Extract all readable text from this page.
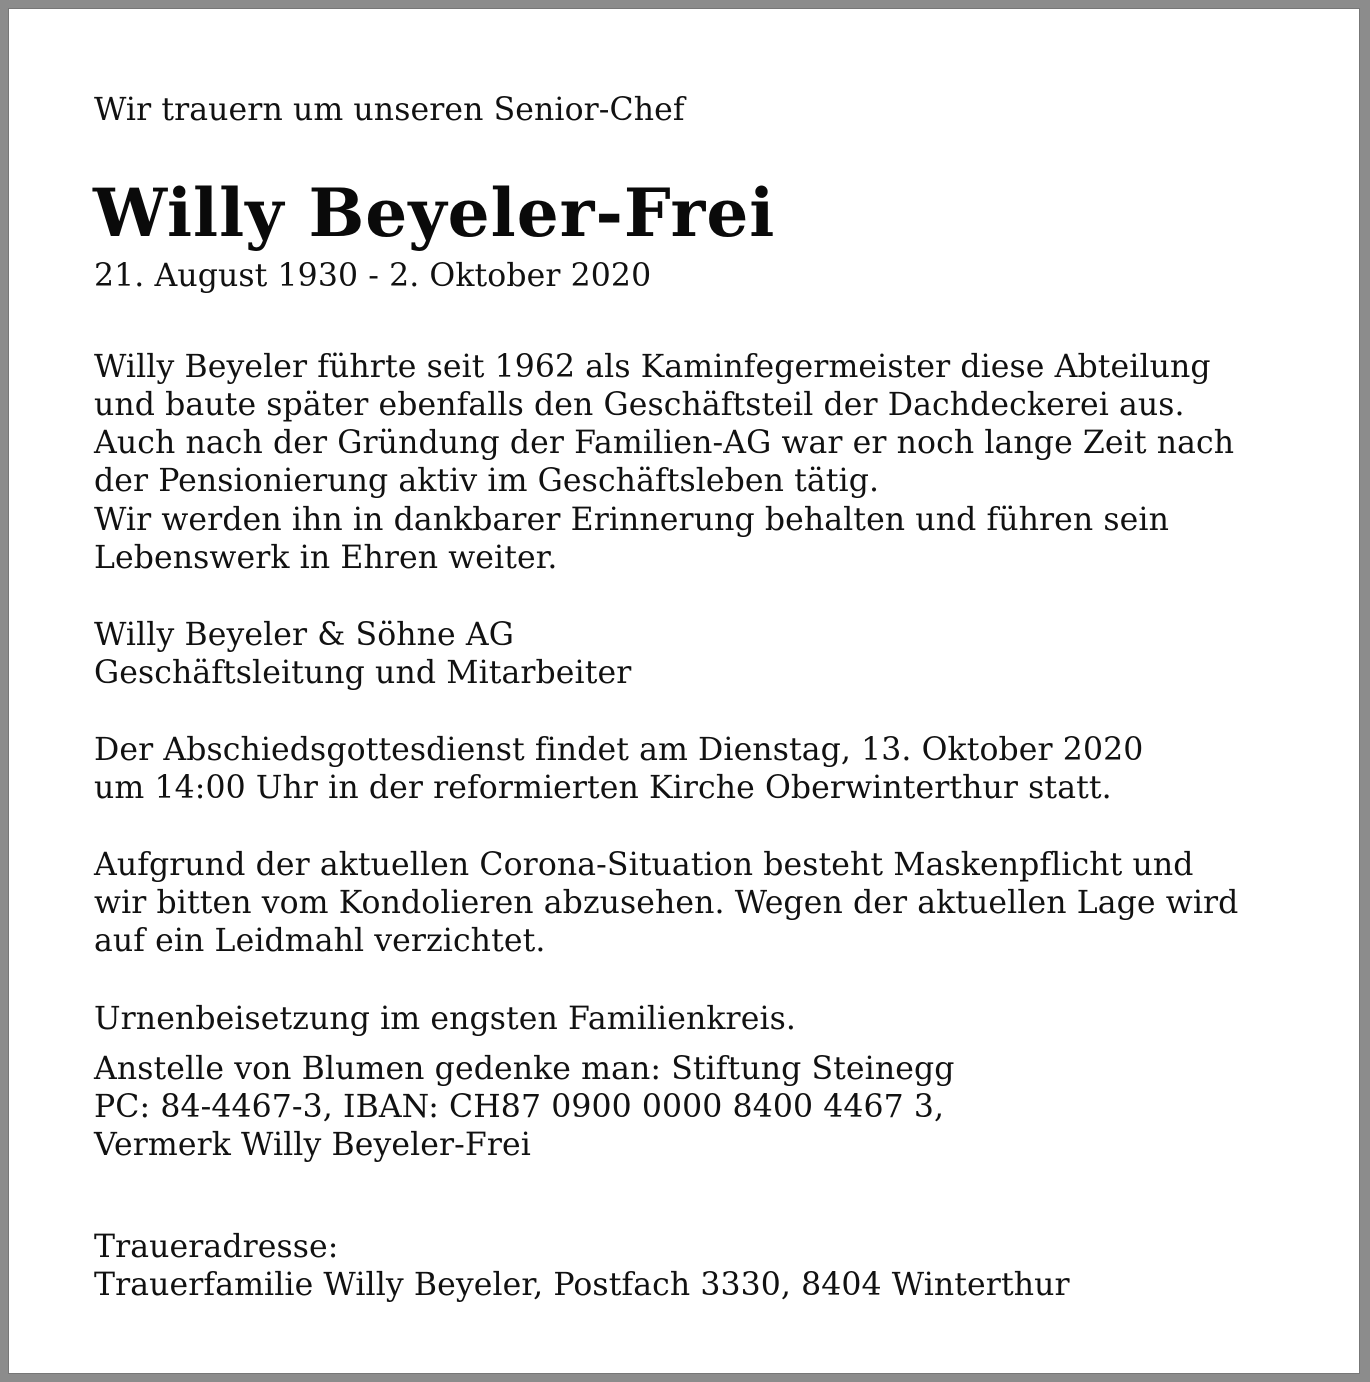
Wir trauern um unseren Senior-Chef
Willy Beyeler-Frei
21. August 1930 - 2. Oktober 2020
Willy Beyeler führte seit 1962 als Kaminfegermeister diese Abteilung
und baute später ebenfalls den Geschäftsteil der Dachdeckerei aus.
Auch nach der Gründung der Familien-AG war er noch lange Zeit nach
der Pensionierung aktiv im Geschäftsleben tätig.
Wir werden ihn in dankbarer Erinnerung behalten und führen sein
Lebenswerk in Ehren weiter.
Willy Beyeler & Söhne AG
Geschäftsleitung und Mitarbeiter
Der Abschiedsgottesdienst findet am Dienstag, 13. Oktober 2020
um 14:00 Uhr in der reformierten Kirche Oberwinterthur statt.
Aufgrund der aktuellen Corona-Situation besteht Maskenpflicht und
wir bitten vom Kondolieren abzusehen. Wegen der aktuellen Lage wird
auf ein Leidmahl verzichtet.
Urnenbeisetzung im engsten Familienkreis.
Anstelle von Blumen gedenke man: Stiftung Steinegg
PC: 84-4467-3, IBAN: CH87 0900 0000 8400 4467 3,
Vermerk Willy Beyeler-Frei
Traueradresse:
Trauerfamilie Willy Beyeler, Postfach 3330, 8404 Winterthur
